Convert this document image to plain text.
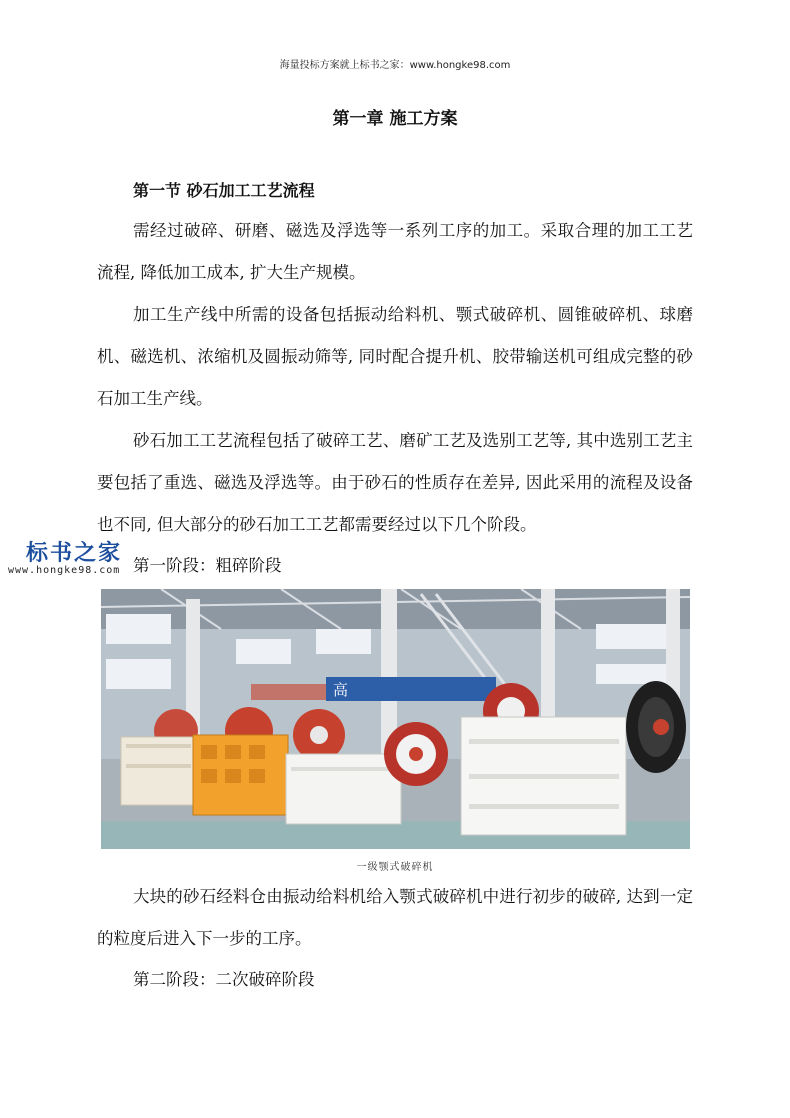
海量投标方案就上标书之家：www.hongke98.com
第一章 施工方案
第一节 砂石加工工艺流程
需经过破碎、研磨、磁选及浮选等一系列工序的加工。采取合理的加工工艺流程, 降低加工成本, 扩大生产规模。
加工生产线中所需的设备包括振动给料机、颚式破碎机、圆锥破碎机、球磨机、磁选机、浓缩机及圆振动筛等, 同时配合提升机、胶带输送机可组成完整的砂石加工生产线。
砂石加工工艺流程包括了破碎工艺、磨矿工艺及选别工艺等, 其中选别工艺主要包括了重选、磁选及浮选等。由于砂石的性质存在差异, 因此采用的流程及设备也不同, 但大部分的砂石加工工艺都需要经过以下几个阶段。
标书之家
www.hongke98.com 第一阶段：粗碎阶段
高
一级颚式破碎机
大块的砂石经料仓由振动给料机给入颚式破碎机中进行初步的破碎, 达到一定的粒度后进入下一步的工序。
第二阶段：二次破碎阶段
